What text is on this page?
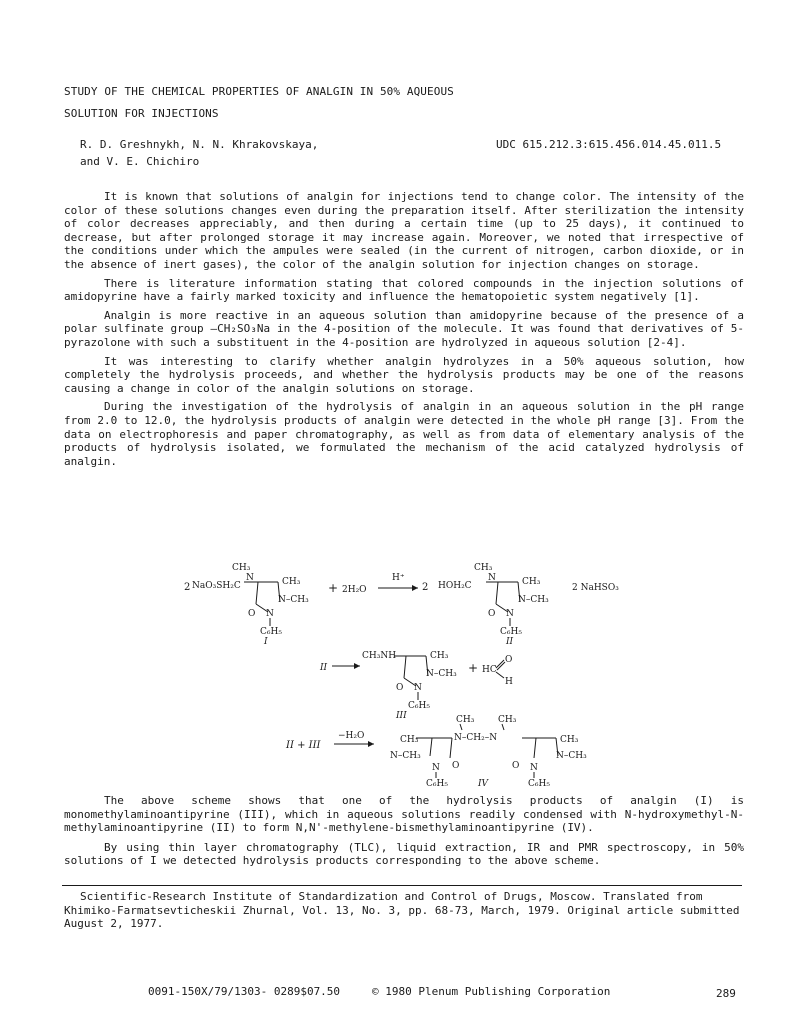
STUDY OF THE CHEMICAL PROPERTIES OF ANALGIN IN 50% AQUEOUS
SOLUTION FOR INJECTIONS
R. D. Greshnykh, N. N. Khrakovskaya,
and V. E. Chichiro
UDC 615.212.3:615.456.014.45.011.5

It is known that solutions of analgin for injections tend to change color. The intensity of the color of these solutions changes even during the preparation itself. After sterilization the intensity of color decreases appreciably, and then during a certain time (up to 25 days), it continued to decrease, but after prolonged storage it may increase again. Moreover, we noted that irrespective of the conditions under which the ampules were sealed (in the current of nitrogen, carbon dioxide, or in the absence of inert gases), the color of the analgin solution for injection changes on storage.

There is literature information stating that colored compounds in the injection solutions of amidopyrine have a fairly marked toxicity and influence the hematopoietic system negatively [1].

Analgin is more reactive in an aqueous solution than amidopyrine because of the presence of a polar sulfinate group —CH₂SO₃Na in the 4-position of the molecule. It was found that derivatives of 5-pyrazolone with such a substituent in the 4-position are hydrolyzed in aqueous solution [2-4].

It was interesting to clarify whether analgin hydrolyzes in a 50% aqueous solution, how completely the hydrolysis proceeds, and whether the hydrolysis products may be one of the reasons causing a change in color of the analgin solutions on storage.

During the investigation of the hydrolysis of analgin in an aqueous solution in the pH range from 2.0 to 12.0, the hydrolysis products of analgin were detected in the whole pH range [3]. From the data on electrophoresis and paper chromatography, as well as from data of elementary analysis of the products of hydrolysis isolated, we formulated the mechanism of the acid catalyzed hydrolysis of analgin.

2 NaO₃SH₂C
CH₃
N	CH₃
N–CH₃
O N
C₆H₅
I
+ 2H₂O
H⁺
2 HOH₂C
CH₃
N	CH₃
N–CH₃
O N
C₆H₅
II
2 NaHSO₃
II
CH₃NH	CH₃
N–CH₃
O N
C₆H₅
III
+ HC
O
H
II + III
−H₂O
CH₃	CH₃
N–CH₂–N
CH₃
N–CH₃
O
N
C₆H₅
CH₃
N–CH₃
O N
C₆H₅
IV

The above scheme shows that one of the hydrolysis products of analgin (I) is monomethylaminoantipyrine (III), which in aqueous solutions readily condensed with N-hydroxymethyl-N-methylaminoantipyrine (II) to form N,N'-methylene-bismethylaminoantipyrine (IV).

By using thin layer chromatography (TLC), liquid extraction, IR and PMR spectroscopy, in 50% solutions of I we detected hydrolysis products corresponding to the above scheme.

Scientific-Research Institute of Standardization and Control of Drugs, Moscow. Translated from Khimiko-Farmatsevticheskii Zhurnal, Vol. 13, No. 3, pp. 68-73, March, 1979. Original article submitted August 2, 1977.
0091-150X/79/1303- 0289$07.50	© 1980 Plenum Publishing Corporation	289
